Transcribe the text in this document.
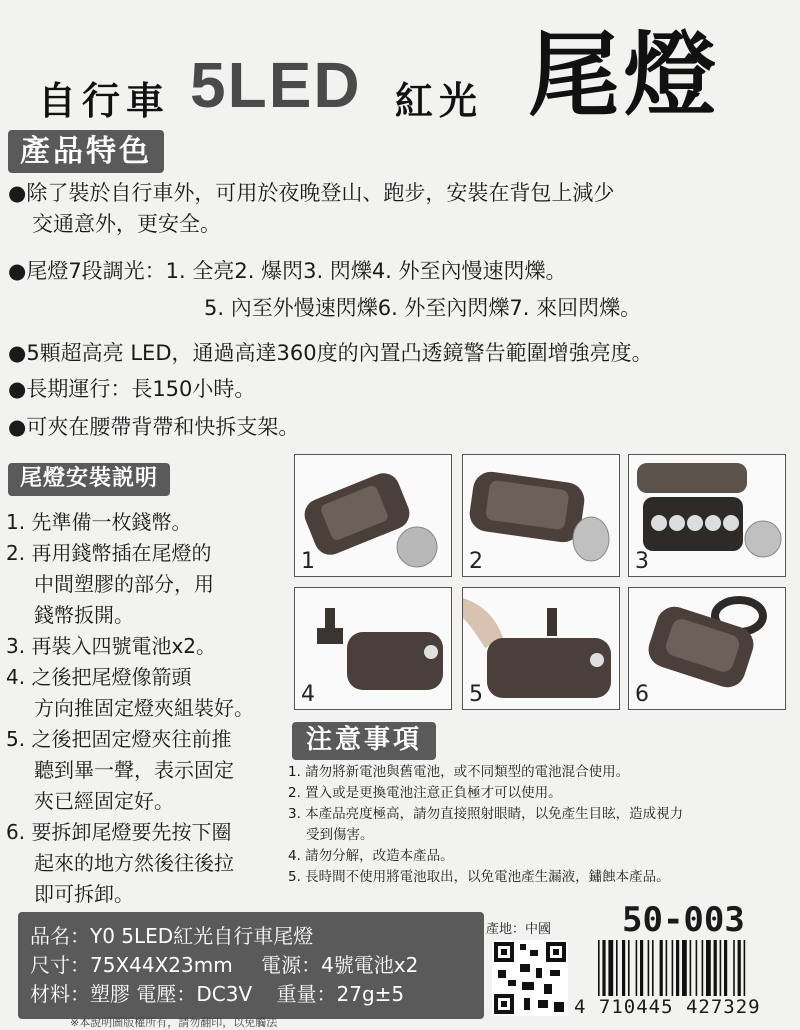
自行車 5LED 紅光 尾燈
產品特色
●除了裝於自行車外，可用於夜晚登山、跑步，安裝在背包上減少
交通意外，更安全。
●尾燈7段調光：1. 全亮2. 爆閃3. 閃爍4. 外至內慢速閃爍。
5. 內至外慢速閃爍6. 外至內閃爍7. 來回閃爍。
●5顆超高亮 LED，通過高達360度的內置凸透鏡警告範圍增強亮度。
●長期運行：長150小時。
●可夾在腰帶背帶和快拆支架。
尾燈安裝説明
1. 先準備一枚錢幣。
2. 再用錢幣插在尾燈的
中間塑膠的部分，用
錢幣扳開。
3. 再裝入四號電池x2。
4. 之後把尾燈像箭頭
方向推固定燈夾組裝好。
5. 之後把固定燈夾往前推
聽到畢一聲，表示固定
夾已經固定好。
6. 要拆卸尾燈要先按下圈
起來的地方然後往後拉
即可拆卸。
1	2	3
4	5	6
注意事項
1. 請勿將新電池與舊電池，或不同類型的電池混合使用。
2. 置入或是更換電池注意正負極才可以使用。
3. 本產品亮度極高，請勿直接照射眼睛，以免產生目眩，造成視力
受到傷害。
4. 請勿分解，改造本產品。
5. 長時間不使用將電池取出，以免電池產生漏液，鏽蝕本產品。
品名：Y0 5LED紅光自行車尾燈
尺寸：75X44X23mm 電源：4號電池x2
材料：塑膠 電壓：DC3V 重量：27g±5
產地：中國 50-003
4 710445 427329
※本說明圖版權所有，請勿翻印，以免觸法
